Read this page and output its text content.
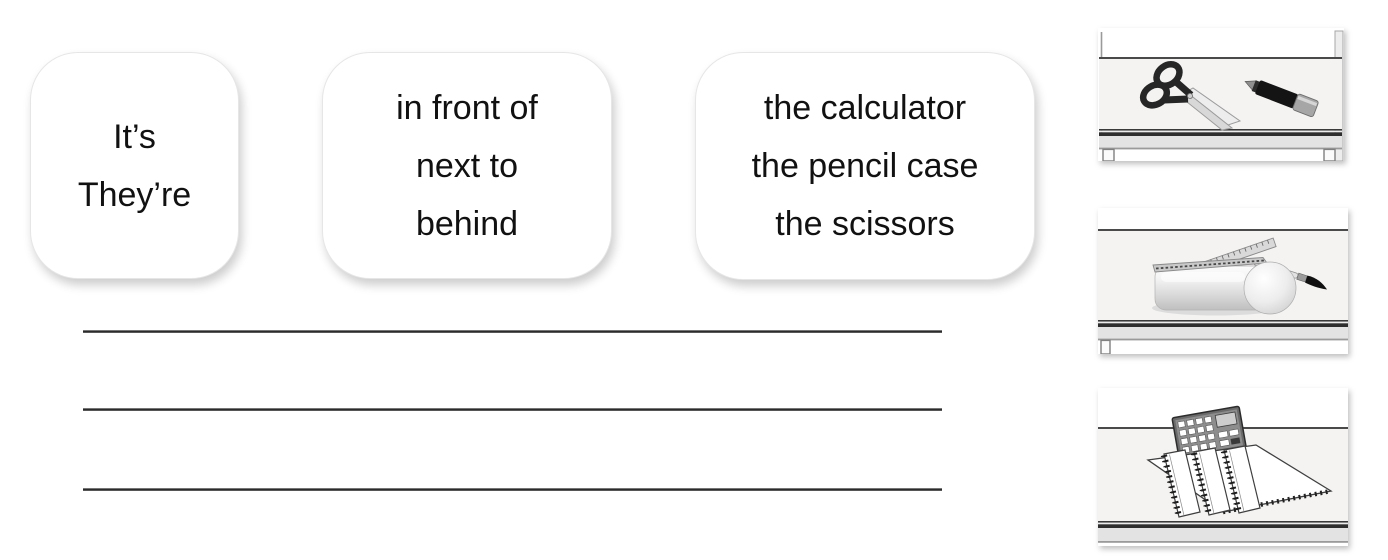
It’s
They’re
in front of
next to
behind
the calculator
the pencil case
the scissors
